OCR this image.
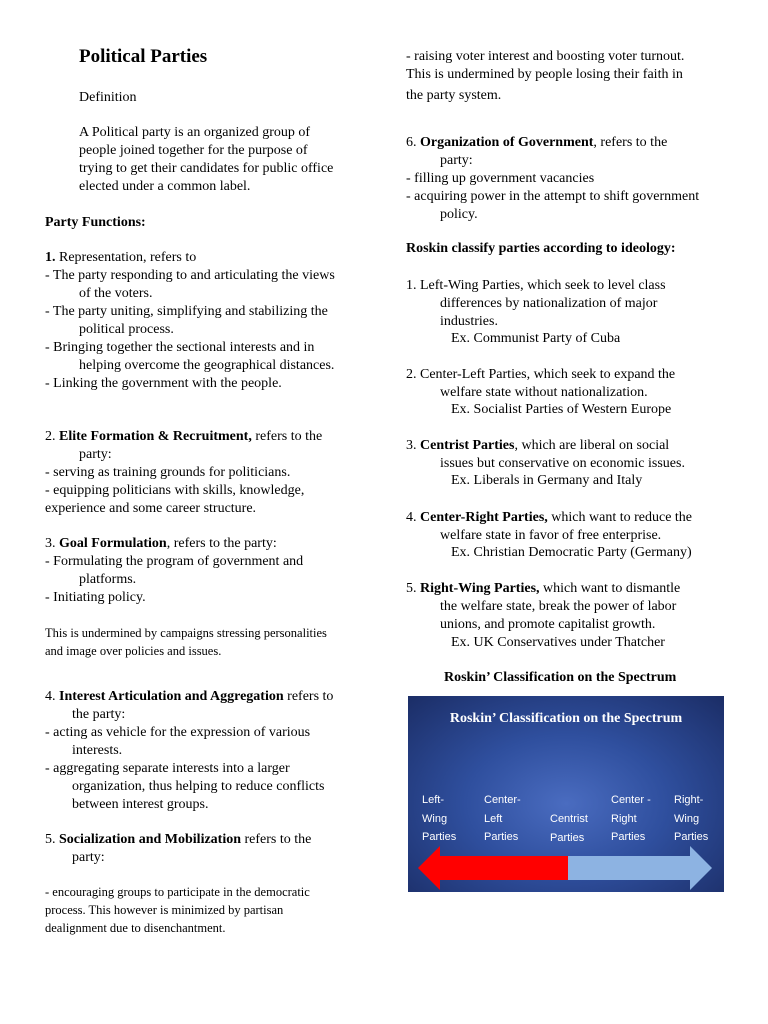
Political Parties
Definition
A Political party is an organized group of
people joined together for the purpose of
trying to get their candidates for public office
elected under a common label.
Party Functions:
1. Representation, refers to
- The party responding to and articulating the views
of the voters.
- The party uniting, simplifying and stabilizing the
political process.
- Bringing together the sectional interests and in
helping overcome the geographical distances.
- Linking the government with the people.
2. Elite Formation & Recruitment, refers to the
party:
- serving as training grounds for politicians.
- equipping politicians with skills, knowledge,
experience and some career structure.
3. Goal Formulation, refers to the party:
- Formulating the program of government and
platforms.
- Initiating policy.
This is undermined by campaigns stressing personalities
and image over policies and issues.
4. Interest Articulation and Aggregation refers to
the party:
- acting as vehicle for the expression of various
interests.
- aggregating separate interests into a larger
organization, thus helping to reduce conflicts
between interest groups.
5. Socialization and Mobilization refers to the
party:
- encouraging groups to participate in the democratic
process. This however is minimized by partisan
dealignment due to disenchantment.
- raising voter interest and boosting voter turnout.
This is undermined by people losing their faith in
the party system.
6. Organization of Government, refers to the
party:
- filling up government vacancies
- acquiring power in the attempt to shift government
policy.
Roskin classify parties according to ideology:
1. Left-Wing Parties, which seek to level class
differences by nationalization of major
industries.
Ex. Communist Party of Cuba
2. Center-Left Parties, which seek to expand the
welfare state without nationalization.
Ex. Socialist Parties of Western Europe
3. Centrist Parties, which are liberal on social
issues but conservative on economic issues.
Ex. Liberals in Germany and Italy
4. Center-Right Parties, which want to reduce the
welfare state in favor of free enterprise.
Ex. Christian Democratic Party (Germany)
5. Right-Wing Parties, which want to dismantle
the welfare state, break the power of labor
unions, and promote capitalist growth.
Ex. UK Conservatives under Thatcher
Roskin’ Classification on the Spectrum
Roskin’ Classification on the Spectrum
Left-
Wing
Parties
Center-
Left
Parties
Centrist
Parties
Center -
Right
Parties
Right-
Wing
Parties
